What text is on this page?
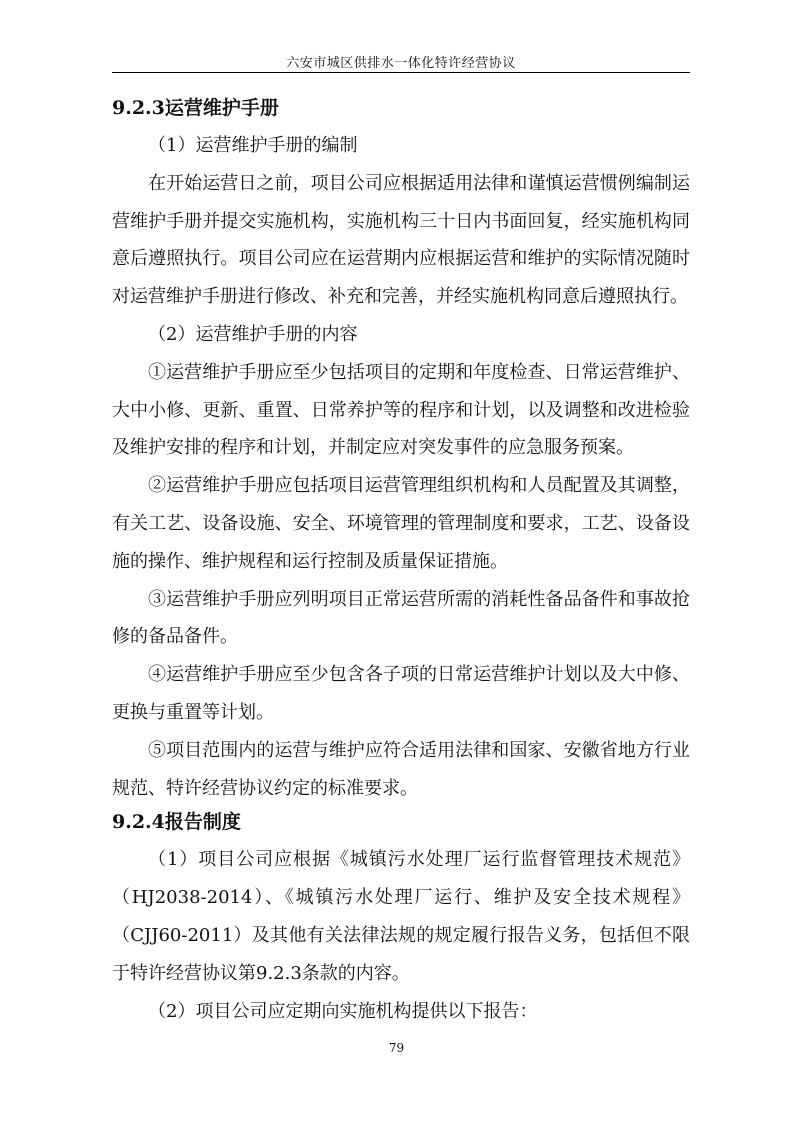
六安市城区供排水一体化特许经营协议
9.2.3运营维护手册

（1）运营维护手册的编制

在开始运营日之前，项目公司应根据适用法律和谨慎运营惯例编制运营维护手册并提交实施机构，实施机构三十日内书面回复，经实施机构同意后遵照执行。项目公司应在运营期内应根据运营和维护的实际情况随时对运营维护手册进行修改、补充和完善，并经实施机构同意后遵照执行。

（2）运营维护手册的内容

①运营维护手册应至少包括项目的定期和年度检查、日常运营维护、大中小修、更新、重置、日常养护等的程序和计划，以及调整和改进检验及维护安排的程序和计划，并制定应对突发事件的应急服务预案。

②运营维护手册应包括项目运营管理组织机构和人员配置及其调整，有关工艺、设备设施、安全、环境管理的管理制度和要求，工艺、设备设施的操作、维护规程和运行控制及质量保证措施。

③运营维护手册应列明项目正常运营所需的消耗性备品备件和事故抢修的备品备件。

④运营维护手册应至少包含各子项的日常运营维护计划以及大中修、更换与重置等计划。

⑤项目范围内的运营与维护应符合适用法律和国家、安徽省地方行业规范、特许经营协议约定的标准要求。

9.2.4报告制度

（1）项目公司应根据《城镇污水处理厂运行监督管理技术规范》（HJ2038-2014）、《城镇污水处理厂运行、维护及安全技术规程》（CJJ60-2011）及其他有关法律法规的规定履行报告义务，包括但不限于特许经营协议第9.2.3条款的内容。

（2）项目公司应定期向实施机构提供以下报告：

79
